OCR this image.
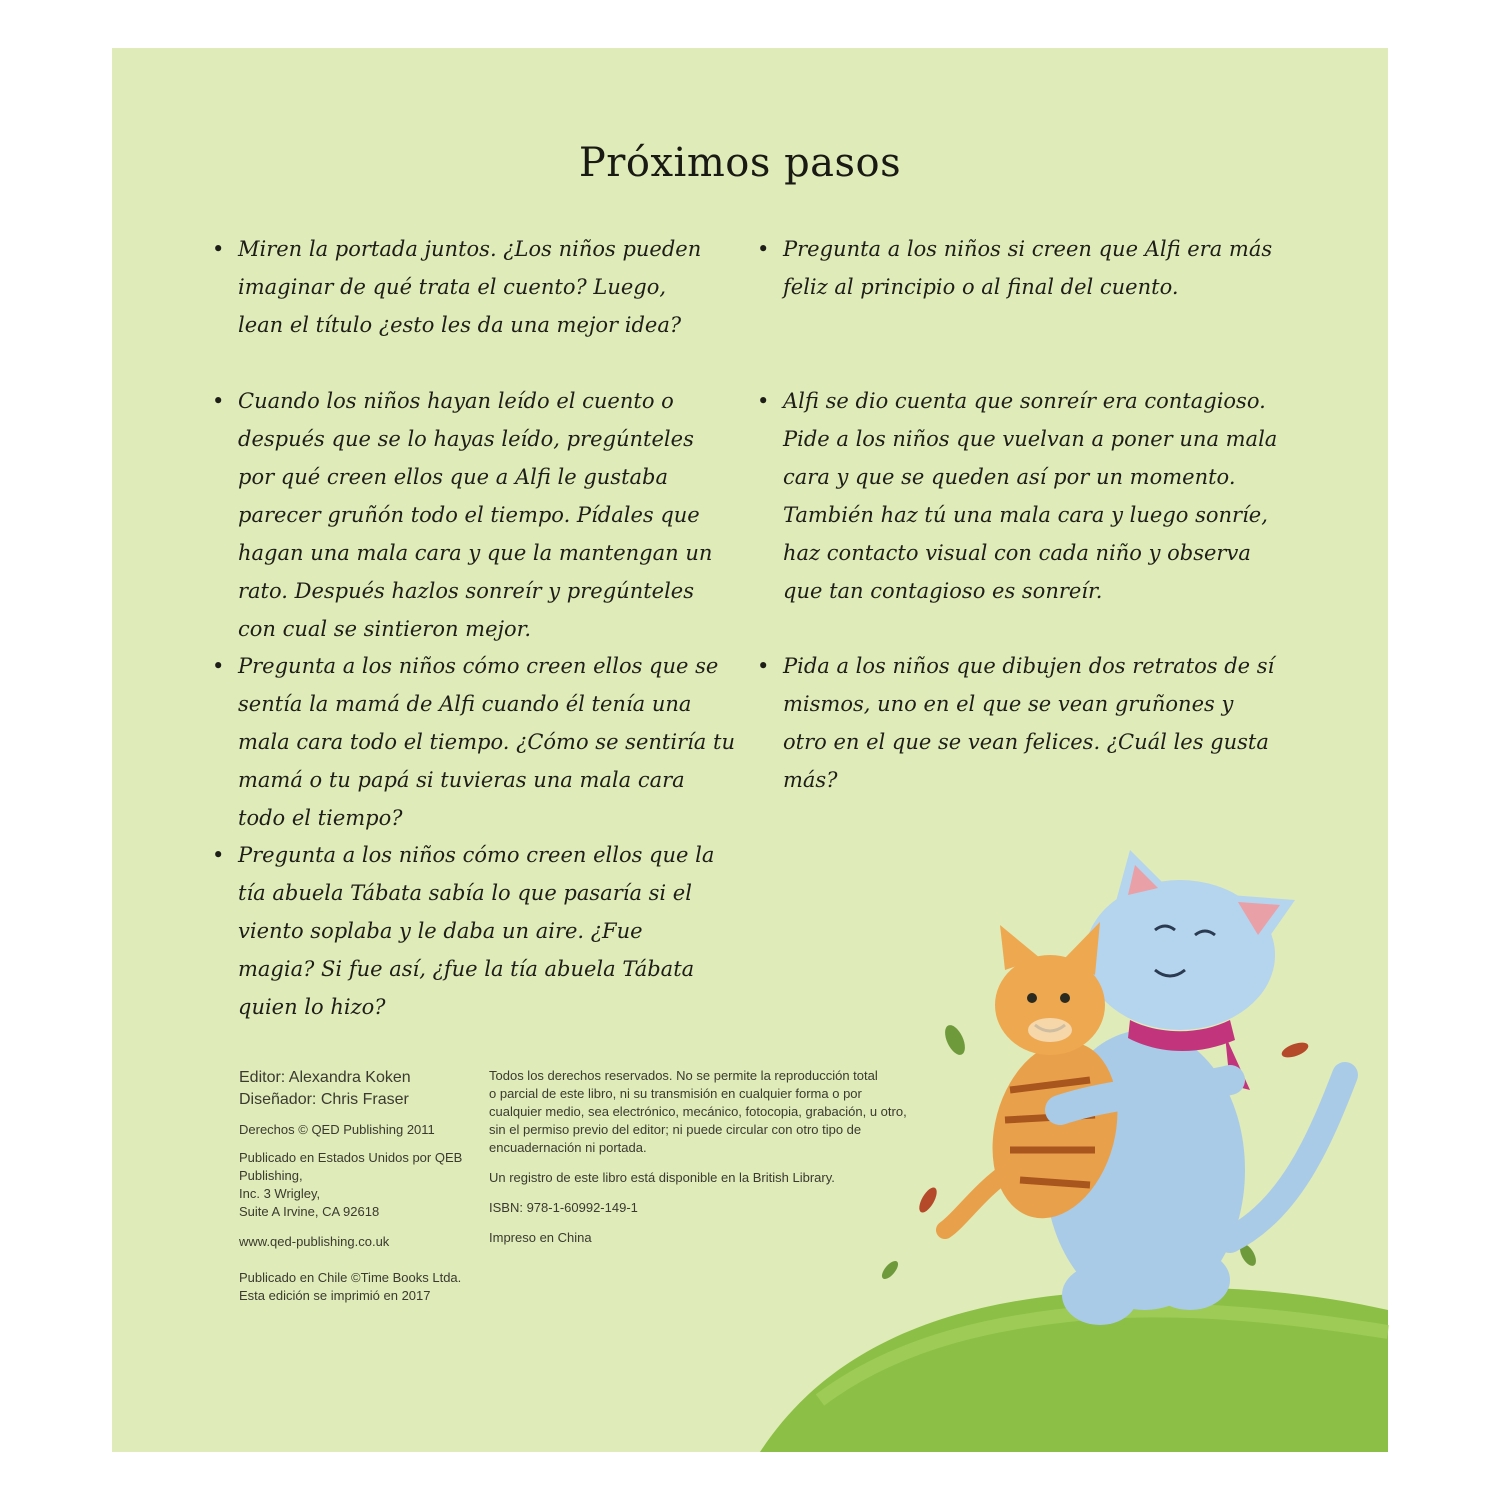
Próximos pasos
• Miren la portada juntos. ¿Los niños pueden imaginar de qué trata el cuento? Luego, lean el título ¿esto les da una mejor idea?
• Cuando los niños hayan leído el cuento o después que se lo hayas leído, pregúnteles por qué creen ellos que a Alfi le gustaba parecer gruñón todo el tiempo. Pídales que hagan una mala cara y que la mantengan un rato. Después hazlos sonreír y pregúnteles con cual se sintieron mejor.
• Pregunta a los niños cómo creen ellos que se sentía la mamá de Alfi cuando él tenía una mala cara todo el tiempo. ¿Cómo se sentiría tu mamá o tu papá si tuvieras una mala cara todo el tiempo?
• Pregunta a los niños cómo creen ellos que la tía abuela Tábata sabía lo que pasaría si el viento soplaba y le daba un aire. ¿Fue magia? Si fue así, ¿fue la tía abuela Tábata quien lo hizo?
• Pregunta a los niños si creen que Alfi era más feliz al principio o al final del cuento.
• Alfi se dio cuenta que sonreír era contagioso. Pide a los niños que vuelvan a poner una mala cara y que se queden así por un momento. También haz tú una mala cara y luego sonríe, haz contacto visual con cada niño y observa que tan contagioso es sonreír.
• Pida a los niños que dibujen dos retratos de sí mismos, uno en el que se vean gruñones y otro en el que se vean felices. ¿Cuál les gusta más?

Editor: Alexandra Koken

Diseñador: Chris Fraser

Derechos © QED Publishing 2011

Publicado en Estados Unidos por QEB

Publishing,

Inc. 3 Wrigley,

Suite A Irvine, CA 92618

www.qed-publishing.co.uk

Publicado en Chile ©Time Books Ltda.

Esta edición se imprimió en 2017

Todos los derechos reservados. No se permite la reproducción total

o parcial de este libro, ni su transmisión en cualquier forma o por

cualquier medio, sea electrónico, mecánico, fotocopia, grabación, u otro,

sin el permiso previo del editor; ni puede circular con otro tipo de

encuadernación ni portada.

Un registro de este libro está disponible en la British Library.

ISBN: 978-1-60992-149-1

Impreso en China
